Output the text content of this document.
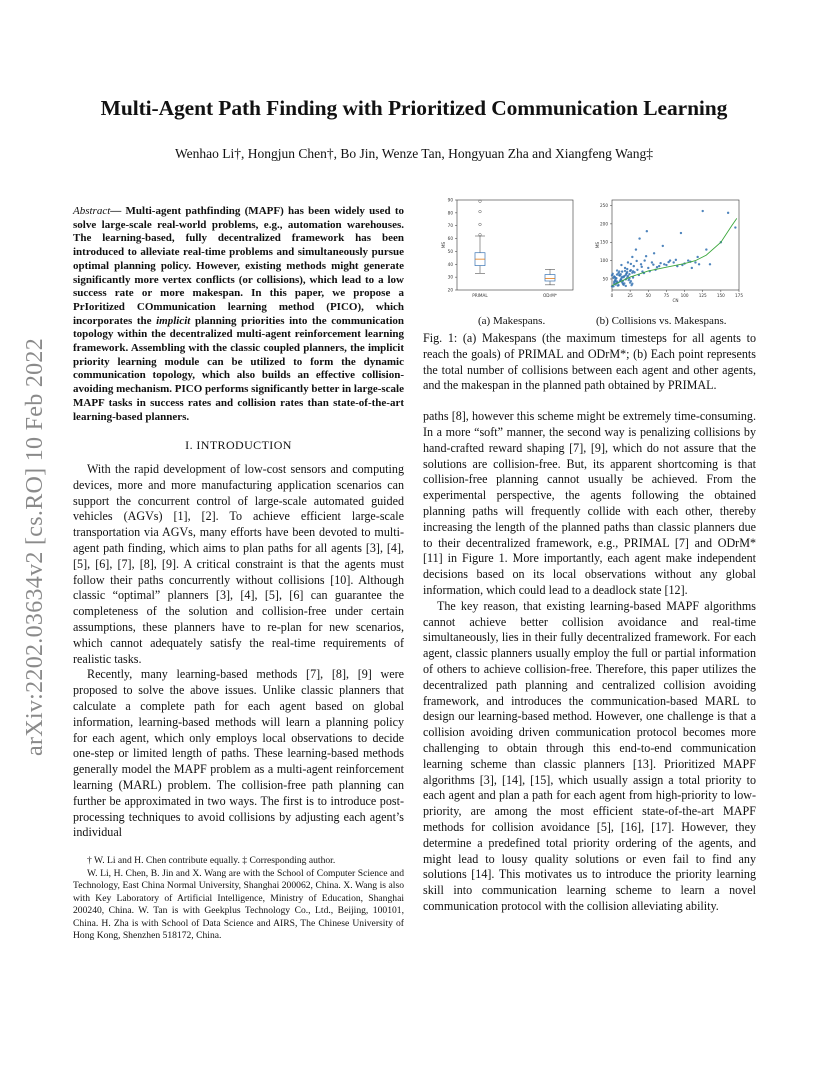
arXiv:2202.03634v2 [cs.RO] 10 Feb 2022
Multi-Agent Path Finding with Prioritized Communication Learning
Wenhao Li†, Hongjun Chen†, Bo Jin, Wenze Tan, Hongyuan Zha and Xiangfeng Wang‡
Abstract— Multi-agent pathfinding (MAPF) has been widely used to solve large-scale real-world problems, e.g., automation warehouses. The learning-based, fully decentralized framework has been introduced to alleviate real-time problems and simultaneously pursue optimal planning policy. However, existing methods might generate significantly more vertex conflicts (or collisions), which lead to a low success rate or more makespan. In this paper, we propose a PrIoritized COmmunication learning method (PICO), which incorporates the implicit planning priorities into the communication topology within the decentralized multi-agent reinforcement learning framework. Assembling with the classic coupled planners, the implicit priority learning module can be utilized to form the dynamic communication topology, which also builds an effective collision-avoiding mechanism. PICO performs significantly better in large-scale MAPF tasks in success rates and collision rates than state-of-the-art learning-based planners.
I. INTRODUCTION

With the rapid development of low-cost sensors and computing devices, more and more manufacturing application scenarios can support the concurrent control of large-scale automated guided vehicles (AGVs) [1], [2]. To achieve efficient large-scale transportation via AGVs, many efforts have been devoted to multi-agent path finding, which aims to plan paths for all agents [3], [4], [5], [6], [7], [8], [9]. A critical constraint is that the agents must follow their paths concurrently without collisions [10]. Although classic “optimal” planners [3], [4], [5], [6] can guarantee the completeness of the solution and collision-free under certain assumptions, these planners have to re-plan for new scenarios, which cannot adequately satisfy the real-time requirements of realistic tasks.

Recently, many learning-based methods [7], [8], [9] were proposed to solve the above issues. Unlike classic planners that calculate a complete path for each agent based on global information, learning-based methods will learn a planning policy for each agent, which only employs local observations to decide one-step or limited length of paths. These learning-based methods generally model the MAPF problem as a multi-agent reinforcement learning (MARL) problem. The collision-free path planning can further be approximated in two ways. The first is to introduce post-processing techniques to avoid collisions by adjusting each agent’s individual

† W. Li and H. Chen contribute equally. ‡ Corresponding author.

W. Li, H. Chen, B. Jin and X. Wang are with the School of Computer Science and Technology, East China Normal University, Shanghai 200062, China. X. Wang is also with Key Laboratory of Artificial Intelligence, Ministry of Education, Shanghai 200240, China. W. Tan is with Geekplus Technology Co., Ltd., Beijing, 100101, China. H. Zha is with School of Data Science and AIRS, The Chinese University of Hong Kong, Shenzhen 518172, China.

20
30
40
50
60
70
80
90
MS
PRIMAL	ODrM*
50
100
150
200
250
0	25	50	75	100 125 150 175
CN
MS
(a) Makespans.	(b) Collisions vs. Makespans.
Fig. 1: (a) Makespans (the maximum timesteps for all agents to reach the goals) of PRIMAL and ODrM*; (b) Each point represents the total number of collisions between each agent and other agents, and the makespan in the planned path obtained by PRIMAL.

paths [8], however this scheme might be extremely time-consuming. In a more “soft” manner, the second way is penalizing collisions by hand-crafted reward shaping [7], [9], which do not assure that the solutions are collision-free. But, its apparent shortcoming is that collision-free planning cannot usually be achieved. From the experimental perspective, the agents following the obtained planning paths will frequently collide with each other, thereby increasing the length of the planned paths than classic planners due to their decentralized framework, e.g., PRIMAL [7] and ODrM* [11] in Figure 1. More importantly, each agent make independent decisions based on its local observations without any global information, which could lead to a deadlock state [12].

The key reason, that existing learning-based MAPF algorithms cannot achieve better collision avoidance and real-time simultaneously, lies in their fully decentralized framework. For each agent, classic planners usually employ the full or partial information of others to achieve collision-free. Therefore, this paper utilizes the decentralized path planning and centralized collision avoiding framework, and introduces the communication-based MARL to design our learning-based method. However, one challenge is that a collision avoiding driven communication protocol becomes more challenging to obtain through this end-to-end communication learning scheme than classic planners [13]. Prioritized MAPF algorithms [3], [14], [15], which usually assign a total priority to each agent and plan a path for each agent from high-priority to low-priority, are among the most efficient state-of-the-art MAPF methods for collision avoidance [5], [16], [17]. However, they determine a predefined total priority ordering of the agents, and might lead to lousy quality solutions or even fail to find any solutions [14]. This motivates us to introduce the priority learning skill into communication learning scheme to learn a novel communication protocol with the collision alleviating ability.
